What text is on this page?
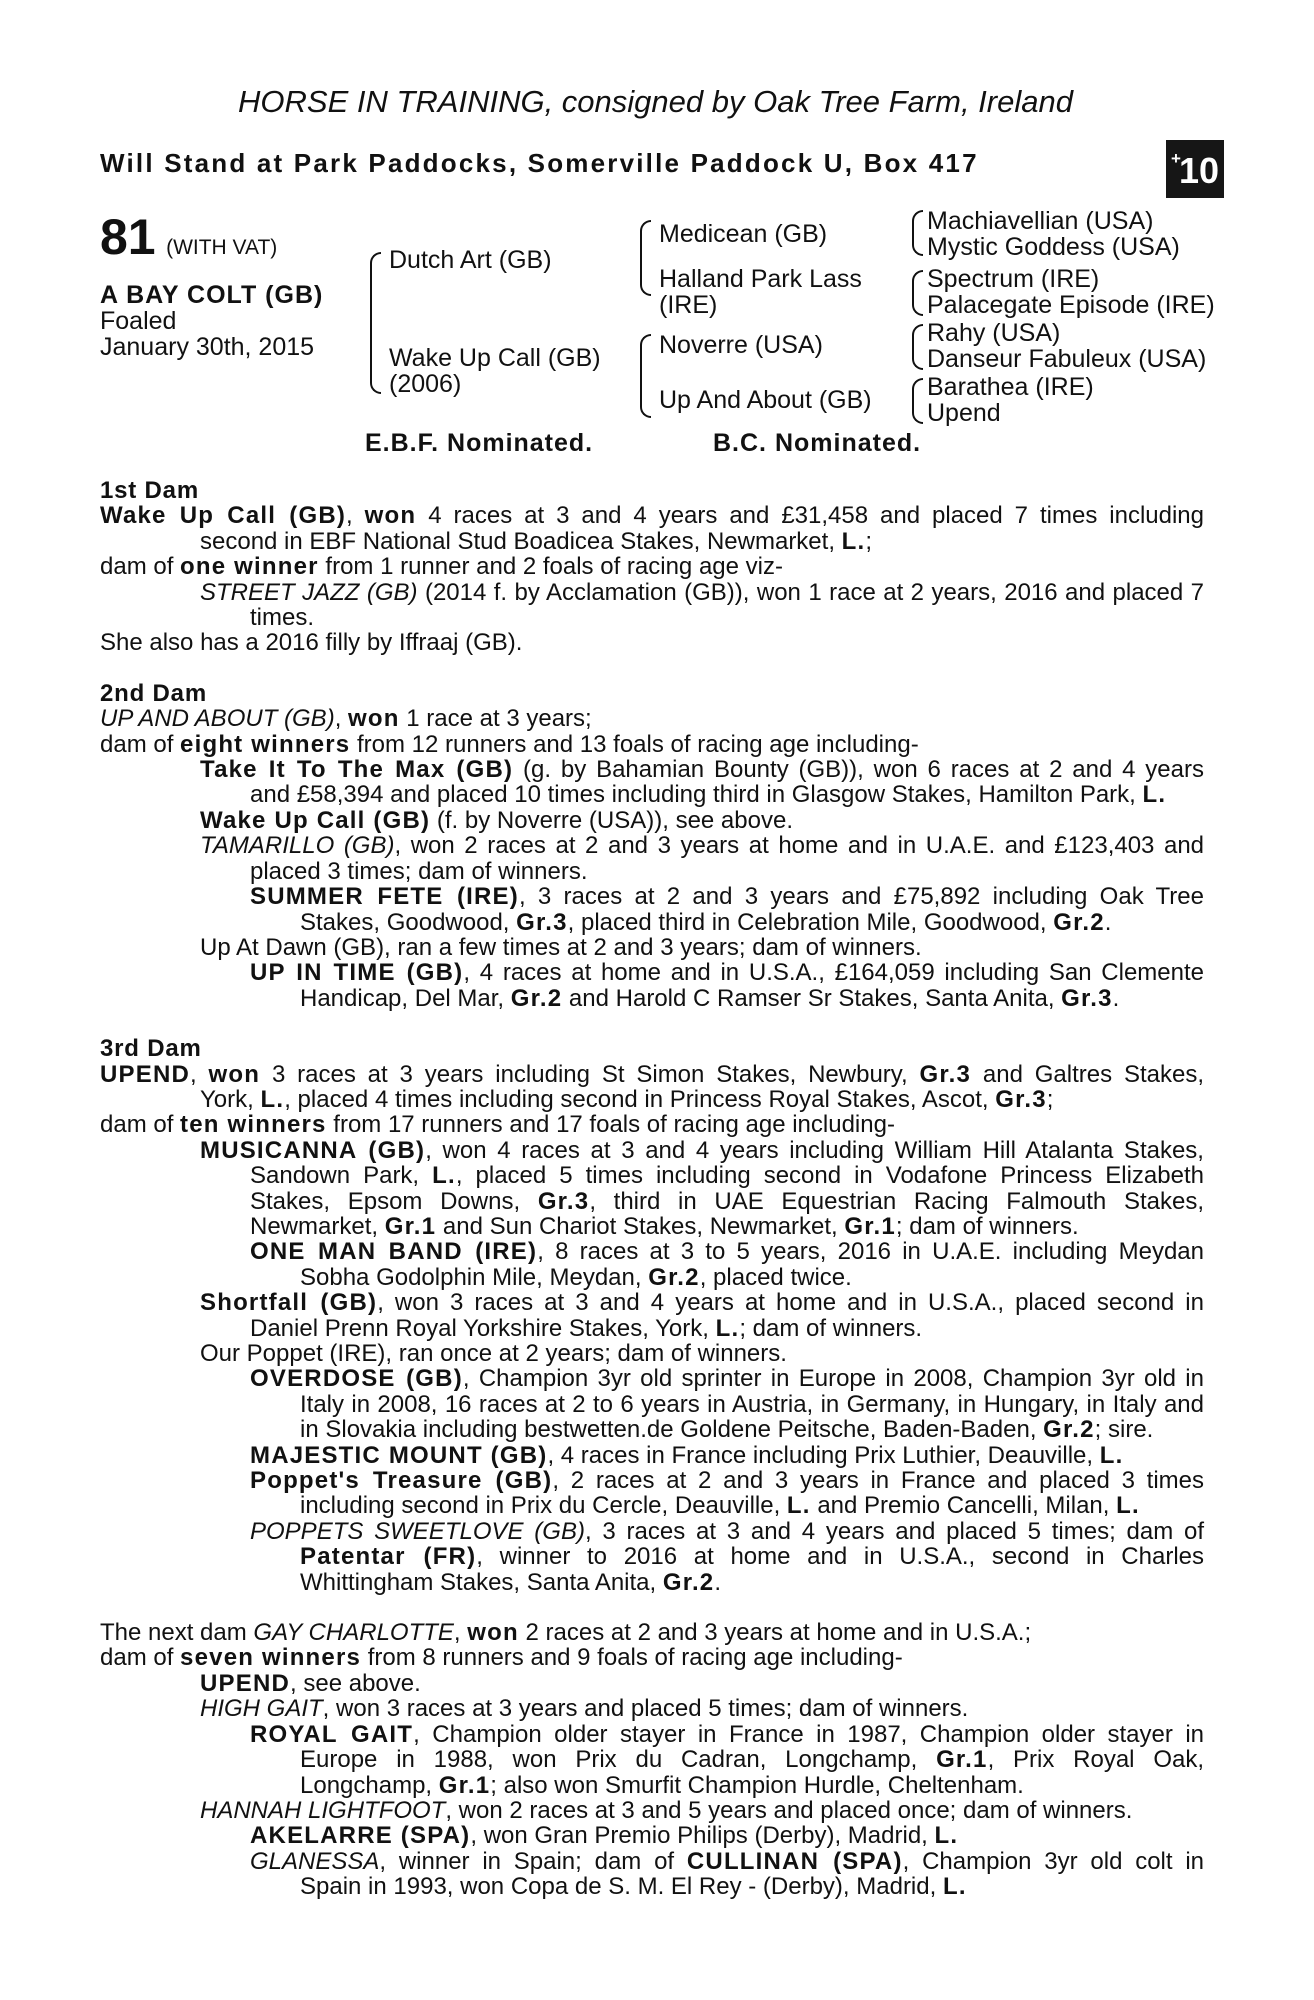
HORSE IN TRAINING, consigned by Oak Tree Farm, Ireland
Will Stand at Park Paddocks, Somerville Paddock U, Box 417	+10
81 (WITH VAT)
A BAY COLT (GB)
Foaled
January 30th, 2015
Dutch Art (GB)
Wake Up Call (GB)
(2006)
Medicean (GB)
Halland Park Lass
(IRE)
Noverre (USA)
Up And About (GB)
Machiavellian (USA)
Mystic Goddess (USA)
Spectrum (IRE)
Palacegate Episode (IRE)
Rahy (USA)
Danseur Fabuleux (USA)
Barathea (IRE)
Upend
E.B.F. Nominated.	B.C. Nominated.
1st Dam
Wake Up Call (GB), won 4 races at 3 and 4 years and £31,458 and placed 7 times including
second in EBF National Stud Boadicea Stakes, Newmarket, L.;
dam of one winner from 1 runner and 2 foals of racing age viz-
STREET JAZZ (GB) (2014 f. by Acclamation (GB)), won 1 race at 2 years, 2016 and placed 7
times.
She also has a 2016 filly by Iffraaj (GB).
2nd Dam
UP AND ABOUT (GB), won 1 race at 3 years;
dam of eight winners from 12 runners and 13 foals of racing age including-
Take It To The Max (GB) (g. by Bahamian Bounty (GB)), won 6 races at 2 and 4 years
and £58,394 and placed 10 times including third in Glasgow Stakes, Hamilton Park, L.
Wake Up Call (GB) (f. by Noverre (USA)), see above.
TAMARILLO (GB), won 2 races at 2 and 3 years at home and in U.A.E. and £123,403 and
placed 3 times; dam of winners.
SUMMER FETE (IRE), 3 races at 2 and 3 years and £75,892 including Oak Tree
Stakes, Goodwood, Gr.3, placed third in Celebration Mile, Goodwood, Gr.2.
Up At Dawn (GB), ran a few times at 2 and 3 years; dam of winners.
UP IN TIME (GB), 4 races at home and in U.S.A., £164,059 including San Clemente
Handicap, Del Mar, Gr.2 and Harold C Ramser Sr Stakes, Santa Anita, Gr.3.
3rd Dam
UPEND, won 3 races at 3 years including St Simon Stakes, Newbury, Gr.3 and Galtres Stakes,
York, L., placed 4 times including second in Princess Royal Stakes, Ascot, Gr.3;
dam of ten winners from 17 runners and 17 foals of racing age including-
MUSICANNA (GB), won 4 races at 3 and 4 years including William Hill Atalanta Stakes,
Sandown Park, L., placed 5 times including second in Vodafone Princess Elizabeth
Stakes, Epsom Downs, Gr.3, third in UAE Equestrian Racing Falmouth Stakes,
Newmarket, Gr.1 and Sun Chariot Stakes, Newmarket, Gr.1; dam of winners.
ONE MAN BAND (IRE), 8 races at 3 to 5 years, 2016 in U.A.E. including Meydan
Sobha Godolphin Mile, Meydan, Gr.2, placed twice.
Shortfall (GB), won 3 races at 3 and 4 years at home and in U.S.A., placed second in
Daniel Prenn Royal Yorkshire Stakes, York, L.; dam of winners.
Our Poppet (IRE), ran once at 2 years; dam of winners.
OVERDOSE (GB), Champion 3yr old sprinter in Europe in 2008, Champion 3yr old in
Italy in 2008, 16 races at 2 to 6 years in Austria, in Germany, in Hungary, in Italy and
in Slovakia including bestwetten.de Goldene Peitsche, Baden-Baden, Gr.2; sire.
MAJESTIC MOUNT (GB), 4 races in France including Prix Luthier, Deauville, L.
Poppet's Treasure (GB), 2 races at 2 and 3 years in France and placed 3 times
including second in Prix du Cercle, Deauville, L. and Premio Cancelli, Milan, L.
POPPETS SWEETLOVE (GB), 3 races at 3 and 4 years and placed 5 times; dam of
Patentar (FR), winner to 2016 at home and in U.S.A., second in Charles
Whittingham Stakes, Santa Anita, Gr.2.
The next dam GAY CHARLOTTE, won 2 races at 2 and 3 years at home and in U.S.A.;
dam of seven winners from 8 runners and 9 foals of racing age including-
UPEND, see above.
HIGH GAIT, won 3 races at 3 years and placed 5 times; dam of winners.
ROYAL GAIT, Champion older stayer in France in 1987, Champion older stayer in
Europe in 1988, won Prix du Cadran, Longchamp, Gr.1, Prix Royal Oak,
Longchamp, Gr.1; also won Smurfit Champion Hurdle, Cheltenham.
HANNAH LIGHTFOOT, won 2 races at 3 and 5 years and placed once; dam of winners.
AKELARRE (SPA), won Gran Premio Philips (Derby), Madrid, L.
GLANESSA, winner in Spain; dam of CULLINAN (SPA), Champion 3yr old colt in
Spain in 1993, won Copa de S. M. El Rey - (Derby), Madrid, L.
